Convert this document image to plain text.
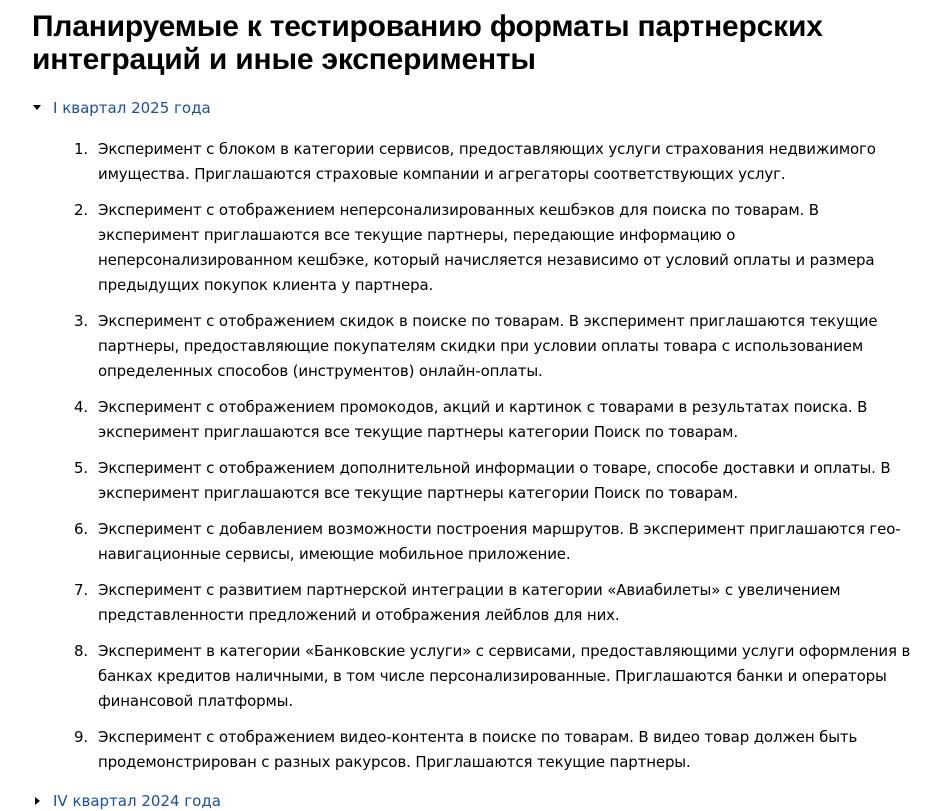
Планируемые к тестированию форматы партнерских интеграций и иные эксперименты
I квартал 2025 года
1. Эксперимент с блоком в категории сервисов, предоставляющих услуги страхования недвижимого имущества. Приглашаются страховые компании и агрегаторы соответствующих услуг.
2. Эксперимент с отображением неперсонализированных кешбэков для поиска по товарам. В эксперимент приглашаются все текущие партнеры, передающие информацию о неперсонализированном кешбэке, который начисляется независимо от условий оплаты и размера предыдущих покупок клиента у партнера.
3. Эксперимент с отображением скидок в поиске по товарам. В эксперимент приглашаются текущие партнеры, предоставляющие покупателям скидки при условии оплаты товара с использованием определенных способов (инструментов) онлайн-оплаты.
4. Эксперимент с отображением промокодов, акций и картинок с товарами в результатах поиска. В эксперимент приглашаются все текущие партнеры категории Поиск по товарам.
5. Эксперимент с отображением дополнительной информации о товаре, способе доставки и оплаты. В эксперимент приглашаются все текущие партнеры категории Поиск по товарам.
6. Эксперимент с добавлением возможности построения маршрутов. В эксперимент приглашаются гео-навигационные сервисы, имеющие мобильное приложение.
7. Эксперимент с развитием партнерской интеграции в категории «Авиабилеты» с увеличением представленности предложений и отображения лейблов для них.
8. Эксперимент в категории «Банковские услуги» с сервисами, предоставляющими услуги оформления в банках кредитов наличными, в том числе персонализированные. Приглашаются банки и операторы финансовой платформы.
9. Эксперимент с отображением видео-контента в поиске по товарам. В видео товар должен быть продемонстрирован с разных ракурсов. Приглашаются текущие партнеры.
IV квартал 2024 года
